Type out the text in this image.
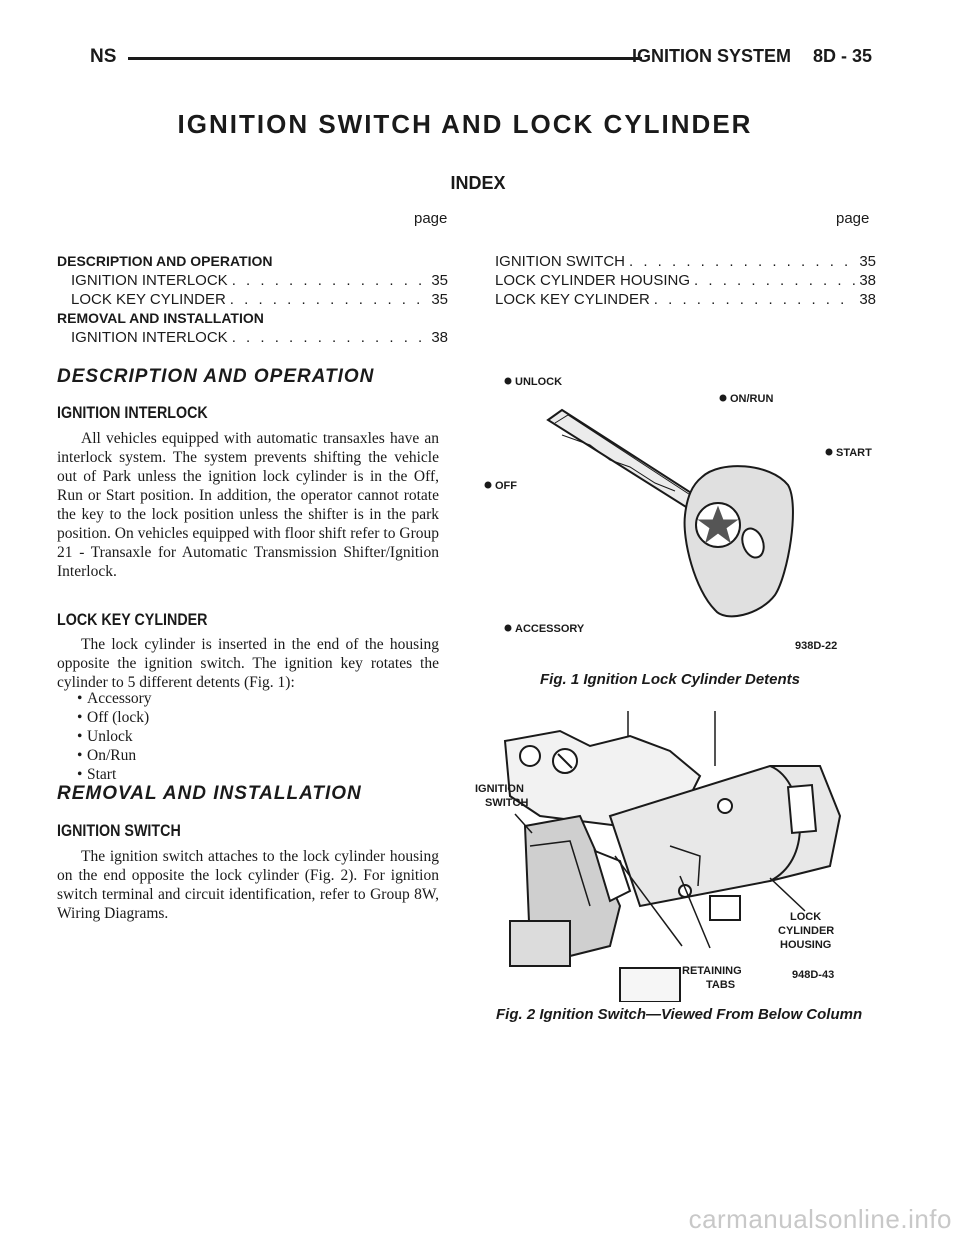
NS	IGNITION SYSTEM 8D - 35
IGNITION SWITCH AND LOCK CYLINDER
INDEX
page	page
DESCRIPTION AND OPERATION
IGNITION INTERLOCK . . .	35
LOCK KEY CYLINDER . . .	35
REMOVAL AND INSTALLATION
IGNITION INTERLOCK . . .	38
IGNITION SWITCH . . .	35
LOCK CYLINDER HOUSING . . .	38
LOCK KEY CYLINDER . . .	38
DESCRIPTION AND OPERATION
IGNITION INTERLOCK
All vehicles equipped with automatic transaxles have an interlock system. The system prevents shifting the vehicle out of Park unless the ignition lock cylinder is in the Off, Run or Start position. In addition, the operator cannot rotate the key to the lock position unless the shifter is in the park position. On vehicles equipped with floor shift refer to Group 21 - Transaxle for Automatic Transmission Shifter/Ignition Interlock.
LOCK KEY CYLINDER
The lock cylinder is inserted in the end of the housing opposite the ignition switch. The ignition key rotates the cylinder to 5 different detents (Fig. 1):
• Accessory
• Off (lock)
• Unlock
• On/Run
• Start
REMOVAL AND INSTALLATION
IGNITION SWITCH
The ignition switch attaches to the lock cylinder housing on the end opposite the lock cylinder (Fig. 2). For ignition switch terminal and circuit identification, refer to Group 8W, Wiring Diagrams.
UNLOCK
ON/RUN
START
OFF
ACCESSORY
938D-22
Fig. 1 Ignition Lock Cylinder Detents
IGNITION
SWITCH
LOCK
CYLINDER
HOUSING
RETAINING
TABS
948D-43
Fig. 2 Ignition Switch—Viewed From Below Column
carmanualsonline.info
